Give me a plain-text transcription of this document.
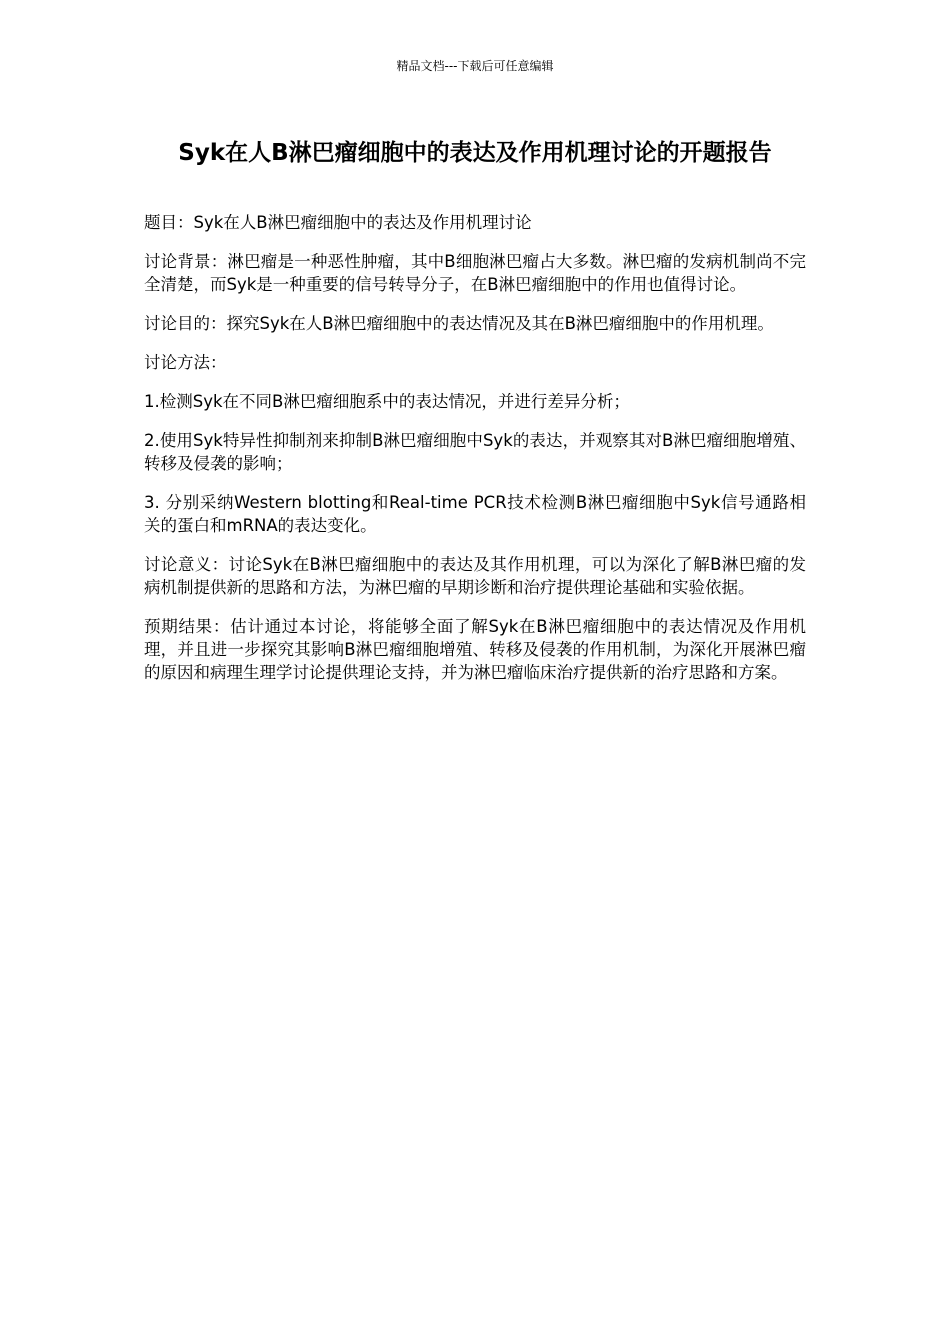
精品文档---下载后可任意编辑
Syk在人B淋巴瘤细胞中的表达及作用机理讨论的开题报告

题目：Syk在人B淋巴瘤细胞中的表达及作用机理讨论

讨论背景：淋巴瘤是一种恶性肿瘤，其中B细胞淋巴瘤占大多数。淋巴瘤的发病机制尚不完全清楚，而Syk是一种重要的信号转导分子，在B淋巴瘤细胞中的作用也值得讨论。

讨论目的：探究Syk在人B淋巴瘤细胞中的表达情况及其在B淋巴瘤细胞中的作用机理。

讨论方法：

1.检测Syk在不同B淋巴瘤细胞系中的表达情况，并进行差异分析；

2.使用Syk特异性抑制剂来抑制B淋巴瘤细胞中Syk的表达，并观察其对B淋巴瘤细胞增殖、转移及侵袭的影响；

3. 分别采纳Western blotting和Real-time PCR技术检测B淋巴瘤细胞中Syk信号通路相关的蛋白和mRNA的表达变化。

讨论意义：讨论Syk在B淋巴瘤细胞中的表达及其作用机理，可以为深化了解B淋巴瘤的发病机制提供新的思路和方法，为淋巴瘤的早期诊断和治疗提供理论基础和实验依据。

预期结果：估计通过本讨论，将能够全面了解Syk在B淋巴瘤细胞中的表达情况及作用机理，并且进一步探究其影响B淋巴瘤细胞增殖、转移及侵袭的作用机制，为深化开展淋巴瘤的原因和病理生理学讨论提供理论支持，并为淋巴瘤临床治疗提供新的治疗思路和方案。
